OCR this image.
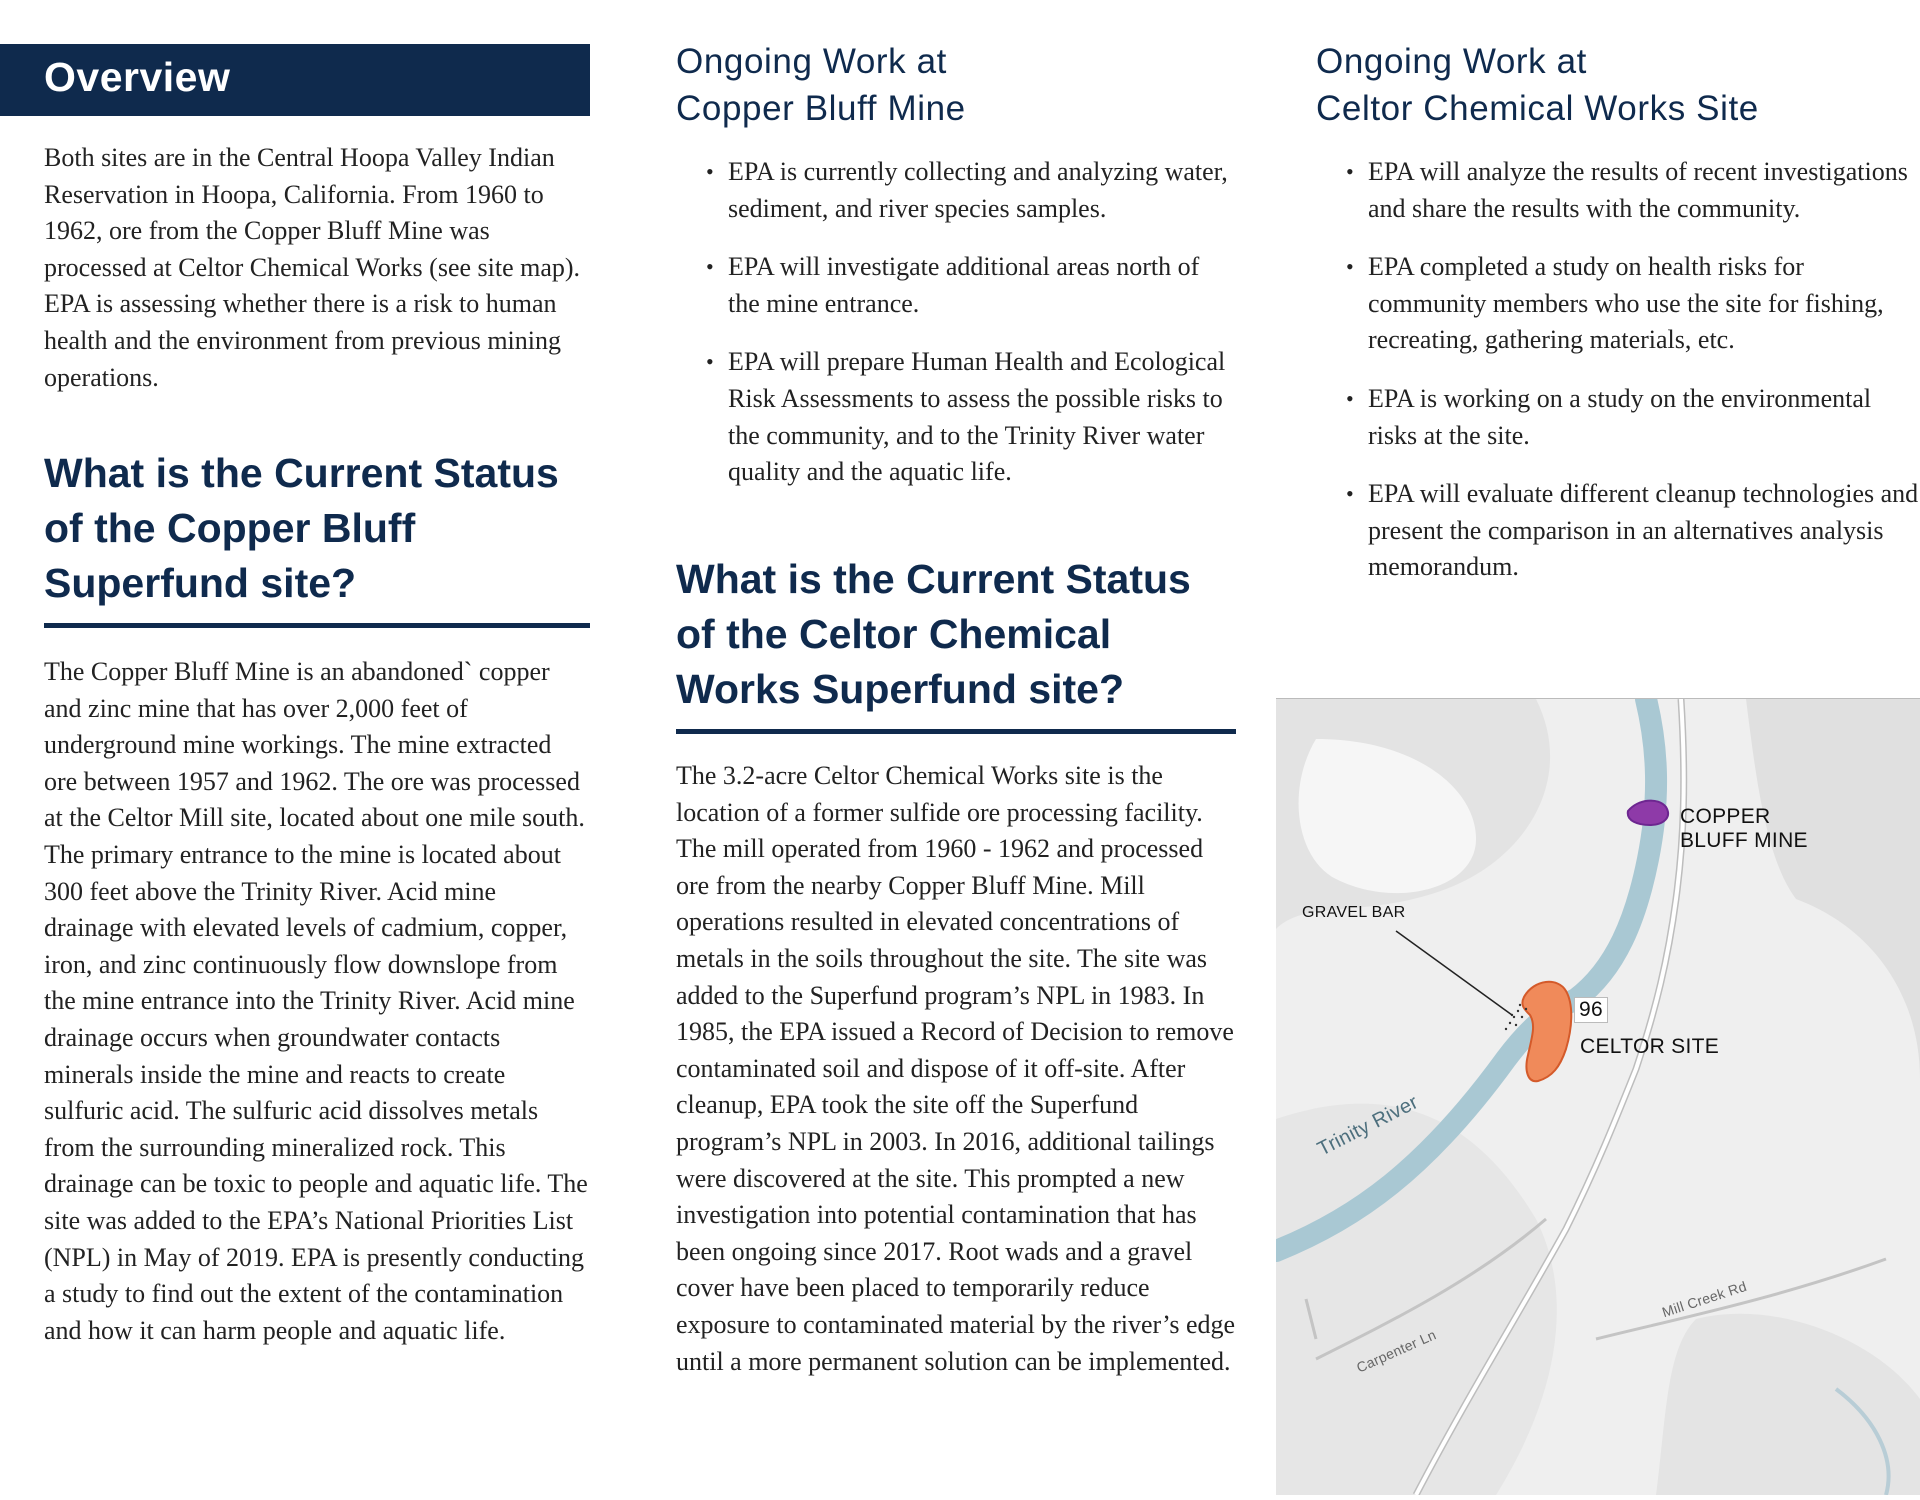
Overview

Both sites are in the Central Hoopa Valley Indian Reservation in Hoopa, California. From 1960 to 1962, ore from the Copper Bluff Mine was processed at Celtor Chemical Works (see site map). EPA is assessing whether there is a risk to human health and the environment from previous mining operations.

What is the Current Status of the Copper Bluff Superfund site?

The Copper Bluff Mine is an abandoned` copper and zinc mine that has over 2,000 feet of underground mine workings. The mine extracted ore between 1957 and 1962. The ore was processed at the Celtor Mill site, located about one mile south. The primary entrance to the mine is located about 300 feet above the Trinity River. Acid mine drainage with elevated levels of cadmium, copper, iron, and zinc continuously flow downslope from the mine entrance into the Trinity River. Acid mine drainage occurs when groundwater contacts minerals inside the mine and reacts to create sulfuric acid. The sulfuric acid dissolves metals from the surrounding mineralized rock. This drainage can be toxic to people and aquatic life. The site was added to the EPA’s National Priorities List (NPL) in May of 2019. EPA is presently conducting a study to find out the extent of the contamination and how it can harm people and aquatic life.

Ongoing Work at
Copper Bluff Mine
• EPA is currently collecting and analyzing water, sediment, and river species samples.
• EPA will investigate additional areas north of the mine entrance.
• EPA will prepare Human Health and Ecological Risk Assessments to assess the possible risks to the community, and to the Trinity River water quality and the aquatic life.
What is the Current Status of the Celtor Chemical Works Superfund site?

The 3.2-acre Celtor Chemical Works site is the location of a former sulfide ore processing facility. The mill operated from 1960 - 1962 and processed ore from the nearby Copper Bluff Mine. Mill operations resulted in elevated concentrations of metals in the soils throughout the site. The site was added to the Superfund program’s NPL in 1983. In 1985, the EPA issued a Record of Decision to remove contaminated soil and dispose of it off-site. After cleanup, EPA took the site off the Superfund program’s NPL in 2003. In 2016, additional tailings were discovered at the site. This prompted a new investigation into potential contamination that has been ongoing since 2017. Root wads and a gravel cover have been placed to temporarily reduce exposure to contaminated material by the river’s edge until a more permanent solution can be implemented.

Ongoing Work at
Celtor Chemical Works Site
• EPA will analyze the results of recent investigations and share the results with the community.
• EPA completed a study on health risks for community members who use the site for fishing, recreating, gathering materials, etc.
• EPA is working on a study on the environmental risks at the site.
• EPA will evaluate different cleanup technologies and present the comparison in an alternatives analysis memorandum.
COPPER
BLUFF MINE
GRAVEL BAR
96
CELTOR SITE
Trinity River
Carpenter Ln
Mill Creek Rd
